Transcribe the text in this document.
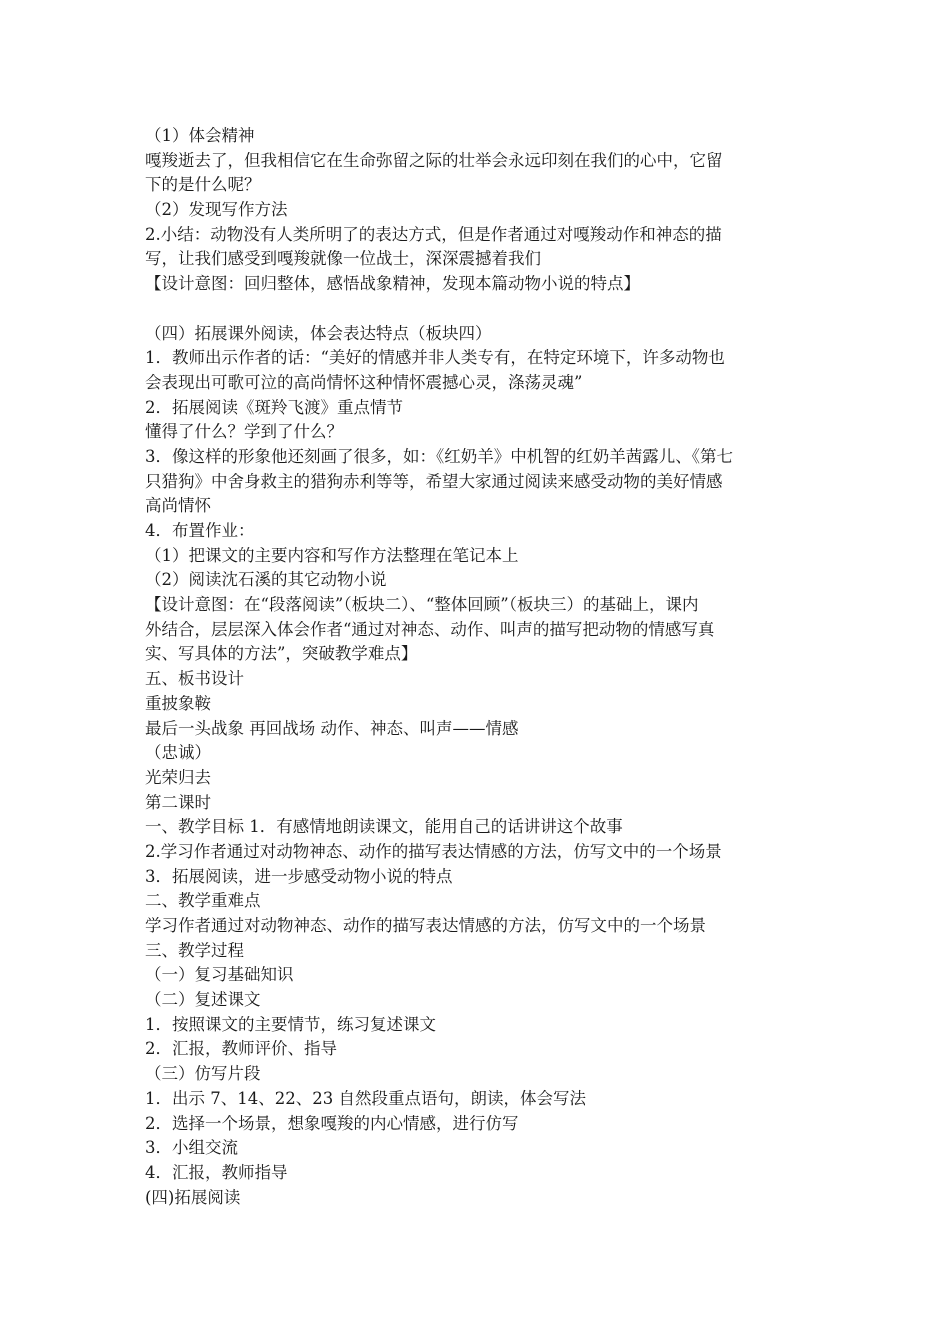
（1）体会精神
嘎羧逝去了，但我相信它在生命弥留之际的壮举会永远印刻在我们的心中，它留
下的是什么呢？
（2）发现写作方法
2.小结：动物没有人类所明了的表达方式，但是作者通过对嘎羧动作和神态的描
写，让我们感受到嘎羧就像一位战士，深深震撼着我们
【设计意图：回归整体，感悟战象精神，发现本篇动物小说的特点】
（四）拓展课外阅读，体会表达特点（板块四）
1．教师出示作者的话：“美好的情感并非人类专有，在特定环境下，许多动物也
会表现出可歌可泣的高尚情怀这种情怀震撼心灵，涤荡灵魂”
2．拓展阅读《斑羚飞渡》重点情节
懂得了什么？学到了什么？
3．像这样的形象他还刻画了很多，如：《红奶羊》中机智的红奶羊茜露儿、《第七
只猎狗》中舍身救主的猎狗赤利等等，希望大家通过阅读来感受动物的美好情感
高尚情怀
4．布置作业：
（1）把课文的主要内容和写作方法整理在笔记本上
（2）阅读沈石溪的其它动物小说
【设计意图：在“段落阅读”（板块二）、“整体回顾”（板块三）的基础上，课内
外结合，层层深入体会作者“通过对神态、动作、叫声的描写把动物的情感写真
实、写具体的方法”，突破教学难点】
五、板书设计
重披象鞍
最后一头战象 再回战场 动作、神态、叫声——情感
（忠诚）
光荣归去
第二课时
一、教学目标 1．有感情地朗读课文，能用自己的话讲讲这个故事
2.学习作者通过对动物神态、动作的描写表达情感的方法，仿写文中的一个场景
3．拓展阅读，进一步感受动物小说的特点
二、教学重难点
学习作者通过对动物神态、动作的描写表达情感的方法，仿写文中的一个场景
三、教学过程
（一）复习基础知识
（二）复述课文
1．按照课文的主要情节，练习复述课文
2．汇报，教师评价、指导
（三）仿写片段
1．出示 7、14、22、23 自然段重点语句，朗读，体会写法
2．选择一个场景，想象嘎羧的内心情感，进行仿写
3．小组交流
4．汇报，教师指导
(四)拓展阅读
